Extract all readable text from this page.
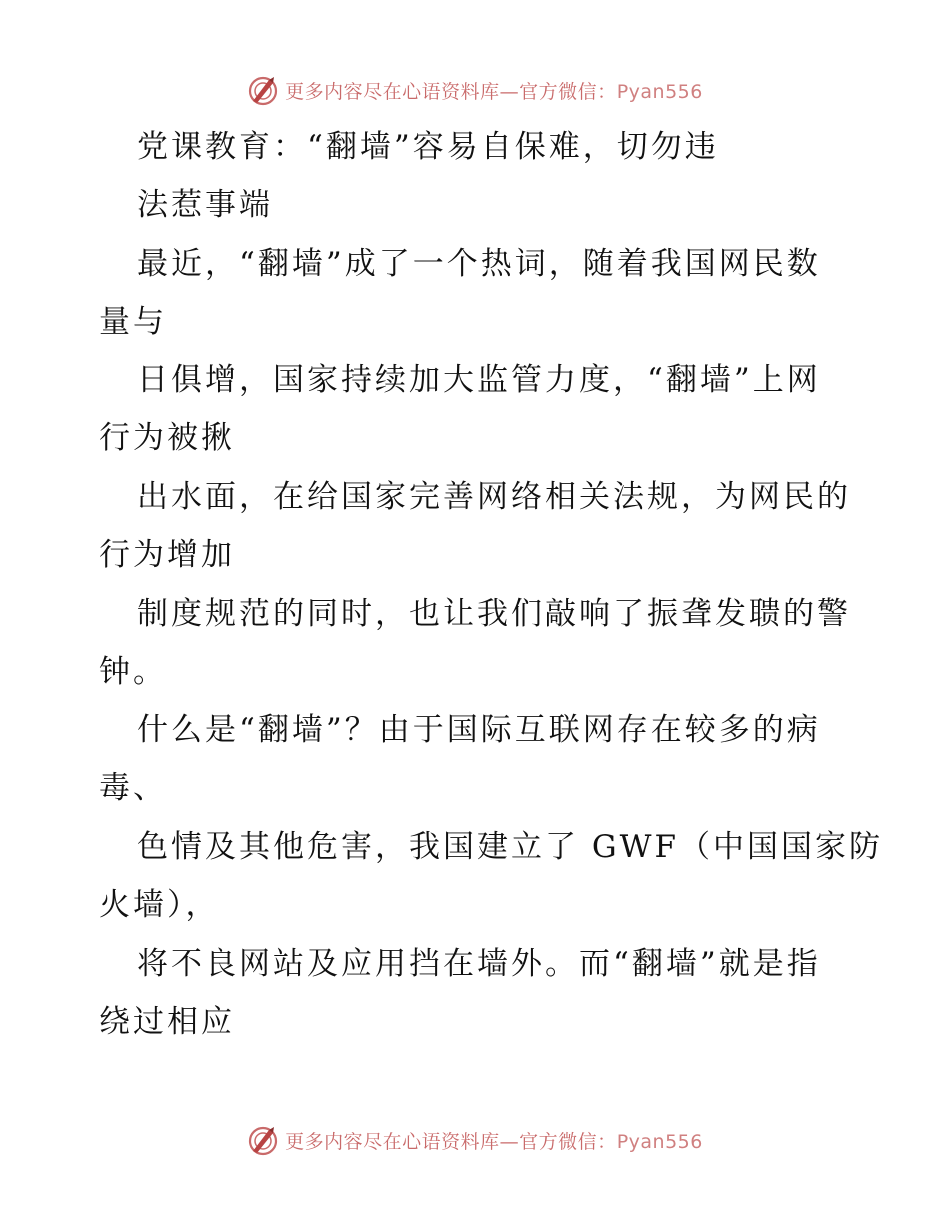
更多内容尽在心语资料库—官方微信：Pyan556
党课教育：“翻墙”容易自保难，切勿违
法惹事端
最近，“翻墙”成了一个热词，随着我国网民数
量与
日俱增，国家持续加大监管力度，“翻墙”上网
行为被揪
出水面，在给国家完善网络相关法规，为网民的
行为增加
制度规范的同时，也让我们敲响了振聋发聩的警
钟。
什么是“翻墙”？由于国际互联网存在较多的病
毒、
色情及其他危害，我国建立了 GWF（中国国家防
火墙），
将不良网站及应用挡在墙外。而“翻墙”就是指
绕过相应
更多内容尽在心语资料库—官方微信：Pyan556
